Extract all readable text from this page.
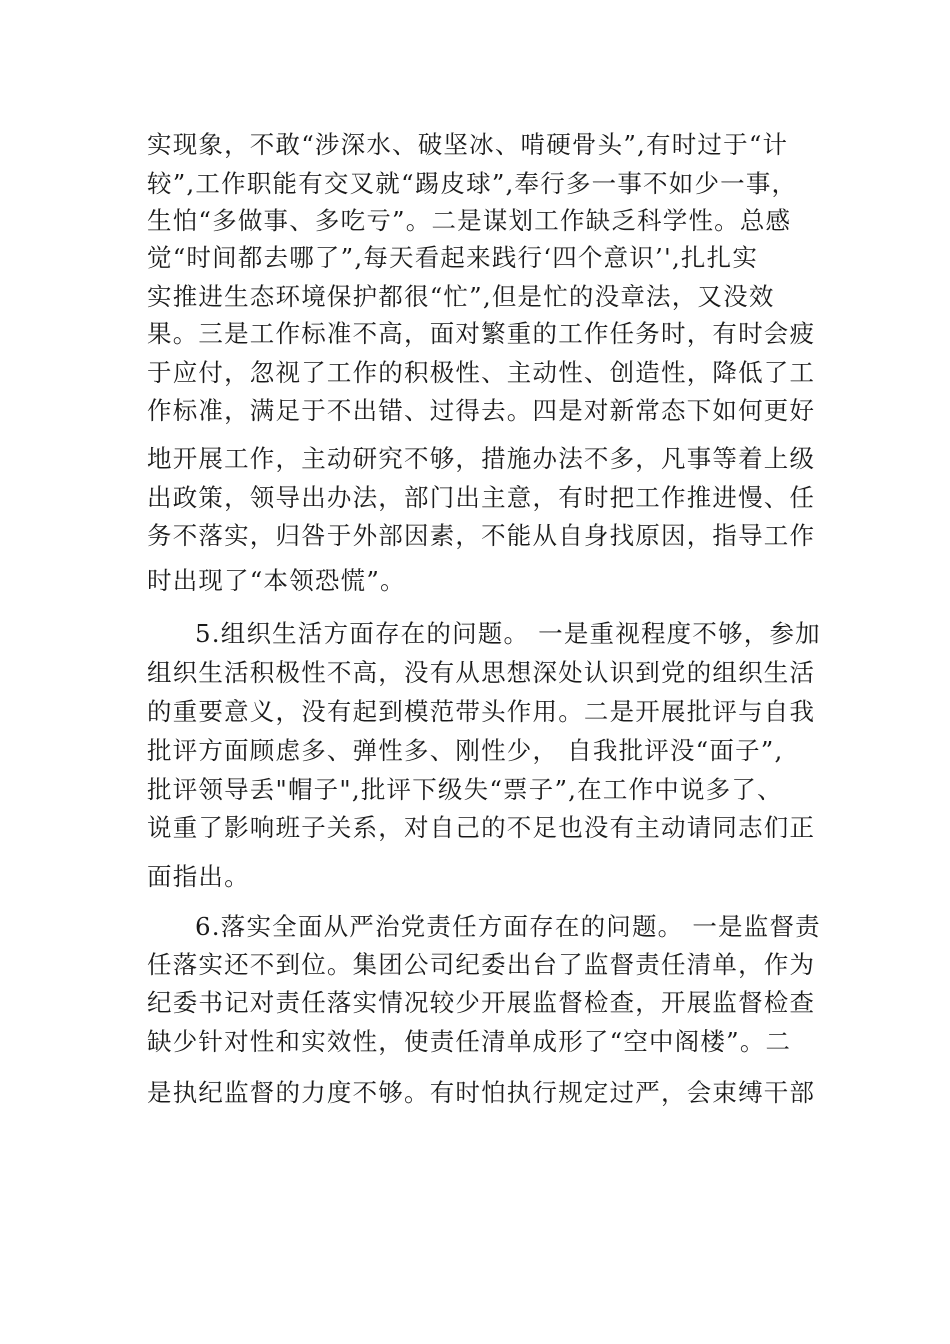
实现象，不敢“涉深水、破坚冰、啃硬骨头”,有时过于“计
较”,工作职能有交叉就“踢皮球”,奉行多一事不如少一事，
生怕“多做事、多吃亏”。二是谋划工作缺乏科学性。总感
觉“时间都去哪了”,每天看起来践行‘四个意识’',扎扎实
实推进生态环境保护都很“忙”,但是忙的没章法，又没效
果。三是工作标准不高，面对繁重的工作任务时，有时会疲
于应付，忽视了工作的积极性、主动性、创造性，降低了工
作标准，满足于不出错、过得去。四是对新常态下如何更好
地开展工作，主动研究不够，措施办法不多，凡事等着上级
出政策，领导出办法，部门出主意，有时把工作推进慢、任
务不落实，归咎于外部因素，不能从自身找原因，指导工作
时出现了“本领恐慌”。
5.组织生活方面存在的问题。 一是重视程度不够，参加
组织生活积极性不高，没有从思想深处认识到党的组织生活
的重要意义，没有起到模范带头作用。二是开展批评与自我
批评方面顾虑多、弹性多、刚性少， 自我批评没“面子”,
批评领导丢"帽子",批评下级失“票子”,在工作中说多了、
说重了影响班子关系，对自己的不足也没有主动请同志们正
面指出。
6.落实全面从严治党责任方面存在的问题。 一是监督责
任落实还不到位。集团公司纪委出台了监督责任清单，作为
纪委书记对责任落实情况较少开展监督检查，开展监督检查
缺少针对性和实效性，使责任清单成形了“空中阁楼”。二
是执纪监督的力度不够。有时怕执行规定过严，会束缚干部
